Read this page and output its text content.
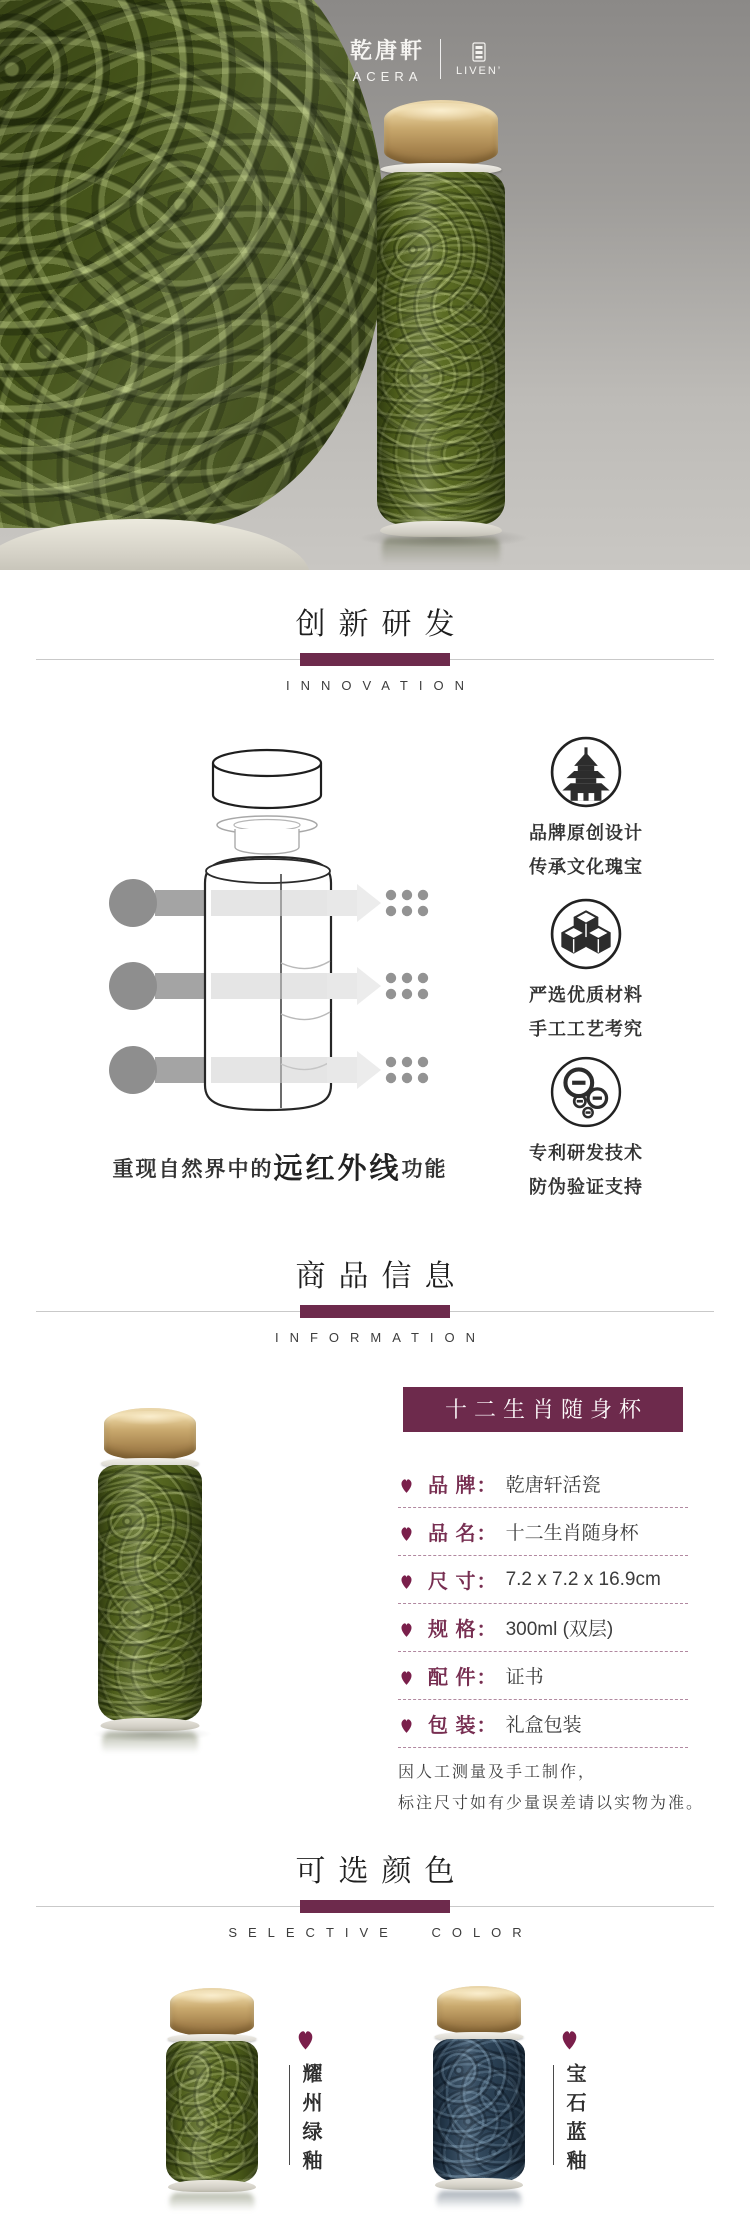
乾唐軒
ACERA	LIVEN’
创新研发
INNOVATION
品牌原创设计
传承文化瑰宝
严选优质材料
手工工艺考究
专利研发技术
防伪验证支持
重现自然界中的远红外线功能
商品信息
INFORMATION
十二生肖随身杯
品 牌： 乾唐轩活瓷
品 名： 十二生肖随身杯
尺 寸： 7.2 x 7.2 x 16.9cm
规 格： 300ml (双层)
配 件： 证书
包 装： 礼盒包装
因人工测量及手工制作，
标注尺寸如有少量误差请以实物为准。
可选颜色
SELECTIVE COLOR
耀州绿釉	宝石蓝釉
